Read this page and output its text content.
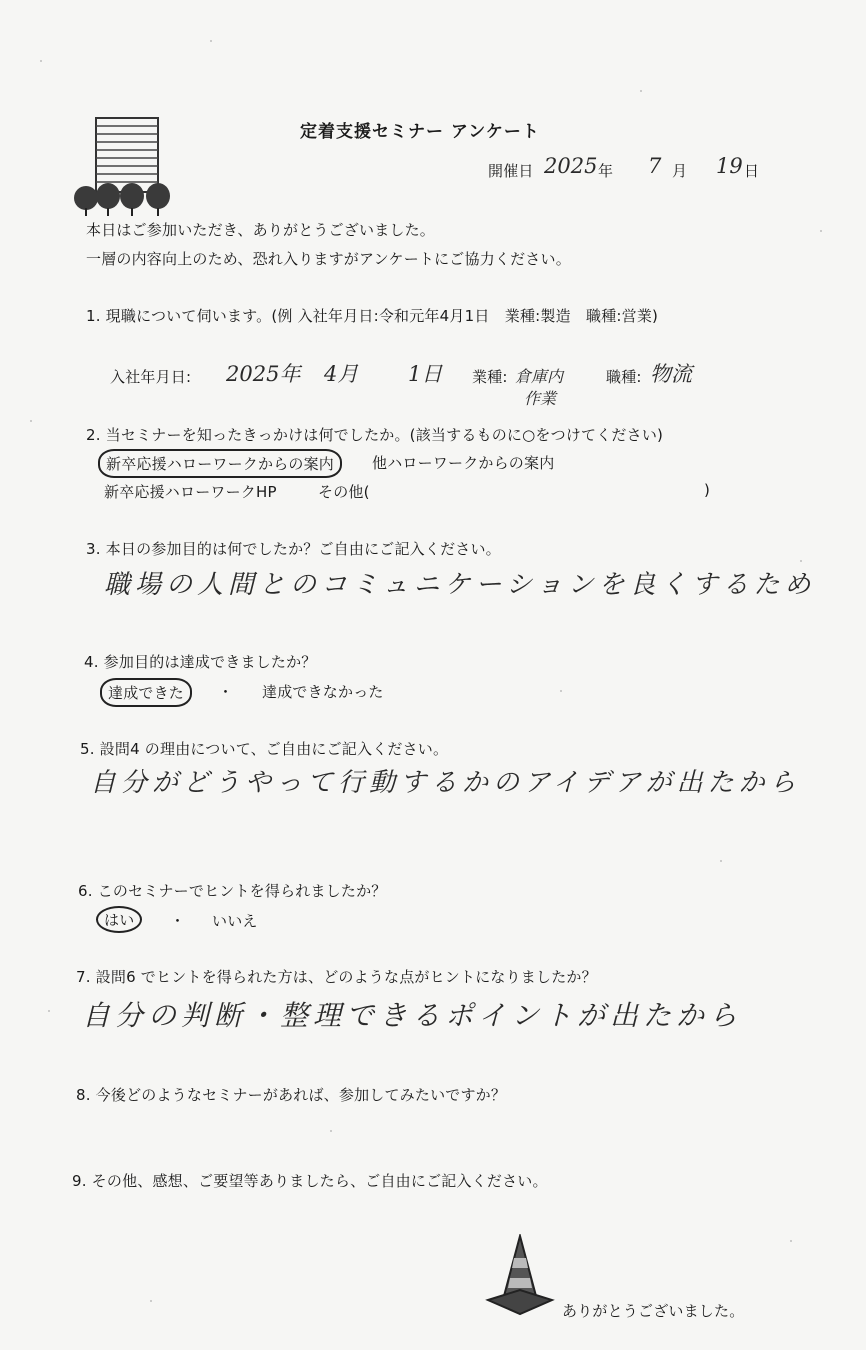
定着支援セミナー アンケート
開催日 2025 年 7 月 19 日
本日はご参加いただき、ありがとうございました。
一層の内容向上のため、恐れ入りますがアンケートにご協力ください。
1. 現職について伺います。(例 入社年月日:令和元年4月1日　業種:製造　職種:営業)
入社年月日: 2025年 4月 1日 業種: 倉庫内
作業
職種: 物流
2. 当セミナーを知ったきっかけは何でしたか。(該当するものに○をつけてください)
新卒応援ハローワークからの案内	他ハローワークからの案内
新卒応援ハローワークHP	その他(	)
3. 本日の参加目的は何でしたか？ご自由にご記入ください。
職場の人間とのコミュニケーションを良くするため
4. 参加目的は達成できましたか？
達成できた	・ 達成できなかった
5. 設問4 の理由について、ご自由にご記入ください。
自分がどうやって行動するかのアイデアが出たから
6. このセミナーでヒントを得られましたか？
はい	・ いいえ
7. 設問6 でヒントを得られた方は、どのような点がヒントになりましたか？
自分の判断・整理できるポイントが出たから
8. 今後どのようなセミナーがあれば、参加してみたいですか？
9. その他、感想、ご要望等ありましたら、ご自由にご記入ください。
ありがとうございました。
